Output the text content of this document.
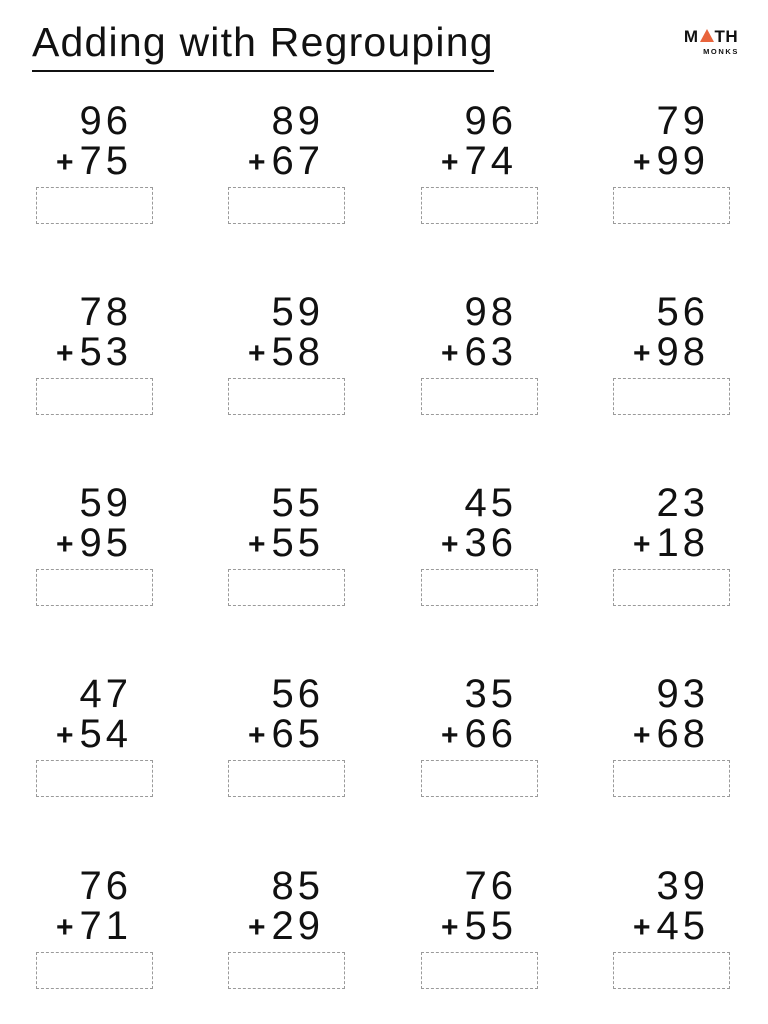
Adding with Regrouping	M TH
MONKS
96
+ 75
89
+ 67
96
+ 74
79
+ 99
78
+ 53
59
+ 58
98
+ 63
56
+ 98
59
+ 95
55
+ 55
45
+ 36
23
+ 18
47
+ 54
56
+ 65
35
+ 66
93
+ 68
76
+ 71
85
+ 29
76
+ 55
39
+ 45
